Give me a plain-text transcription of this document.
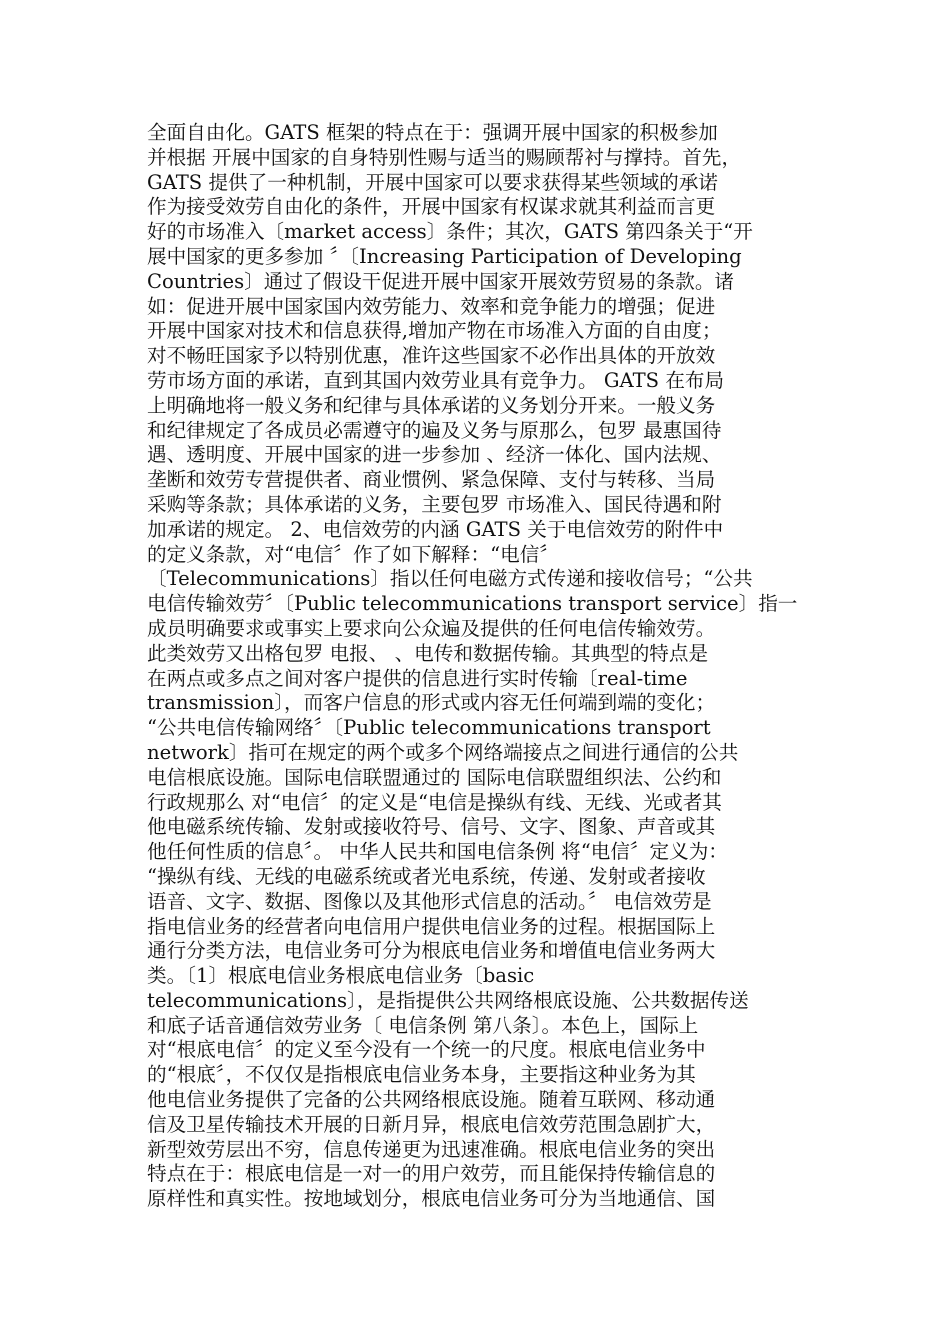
全面自由化。GATS 框架的特点在于：强调开展中国家的积极参加
并根据 开展中国家的自身特别性赐与适当的赐顾帮衬与撑持。首先，
GATS 提供了一种机制，开展中国家可以要求获得某些领域的承诺
作为接受效劳自由化的条件，开展中国家有权谋求就其利益而言更
好的市场准入〔market access〕条件；其次，GATS 第四条关于“开
展中国家的更多参加 〞〔Increasing Participation of Developing
Countries〕通过了假设干促进开展中国家开展效劳贸易的条款。诸
如：促进开展中国家国内效劳能力、效率和竞争能力的增强；促进
开展中国家对技术和信息获得,增加产物在市场准入方面的自由度；
对不畅旺国家予以特别优惠，准许这些国家不必作出具体的开放效
劳市场方面的承诺，直到其国内效劳业具有竞争力。 GATS 在布局
上明确地将一般义务和纪律与具体承诺的义务划分开来。一般义务
和纪律规定了各成员必需遵守的遍及义务与原那么，包罗 最惠国待
遇、透明度、开展中国家的进一步参加 、经济一体化、国内法规、
垄断和效劳专营提供者、商业惯例、紧急保障、支付与转移、当局
采购等条款；具体承诺的义务，主要包罗 市场准入、国民待遇和附
加承诺的规定。 2、电信效劳的内涵 GATS 关于电信效劳的附件中
的定义条款，对“电信〞作了如下解释：“电信〞
〔Telecommunications〕指以任何电磁方式传递和接收信号；“公共
电信传输效劳〞〔Public telecommunications transport service〕指一
成员明确要求或事实上要求向公众遍及提供的任何电信传输效劳。
此类效劳又出格包罗 电报、 、电传和数据传输。其典型的特点是
在两点或多点之间对客户提供的信息进行实时传输〔real-time
transmission〕，而客户信息的形式或内容无任何端到端的变化；
“公共电信传输网络〞〔Public telecommunications transport
network〕指可在规定的两个或多个网络端接点之间进行通信的公共
电信根底设施。国际电信联盟通过的 国际电信联盟组织法、公约和
行政规那么 对“电信〞的定义是“电信是操纵有线、无线、光或者其
他电磁系统传输、发射或接收符号、信号、文字、图象、声音或其
他任何性质的信息〞。 中华人民共和国电信条例 将“电信〞定义为：
“操纵有线、无线的电磁系统或者光电系统，传递、发射或者接收
语音、文字、数据、图像以及其他形式信息的活动。〞 电信效劳是
指电信业务的经营者向电信用户提供电信业务的过程。根据国际上
通行分类方法，电信业务可分为根底电信业务和增值电信业务两大
类。〔1〕根底电信业务根底电信业务〔basic
telecommunications〕，是指提供公共网络根底设施、公共数据传送
和底子话音通信效劳业务〔 电信条例 第八条〕。本色上，国际上
对“根底电信〞的定义至今没有一个统一的尺度。根底电信业务中
的“根底〞，不仅仅是指根底电信业务本身，主要指这种业务为其
他电信业务提供了完备的公共网络根底设施。随着互联网、移动通
信及卫星传输技术开展的日新月异，根底电信效劳范围急剧扩大，
新型效劳层出不穷，信息传递更为迅速准确。根底电信业务的突出
特点在于：根底电信是一对一的用户效劳，而且能保持传输信息的
原样性和真实性。按地域划分，根底电信业务可分为当地通信、国
